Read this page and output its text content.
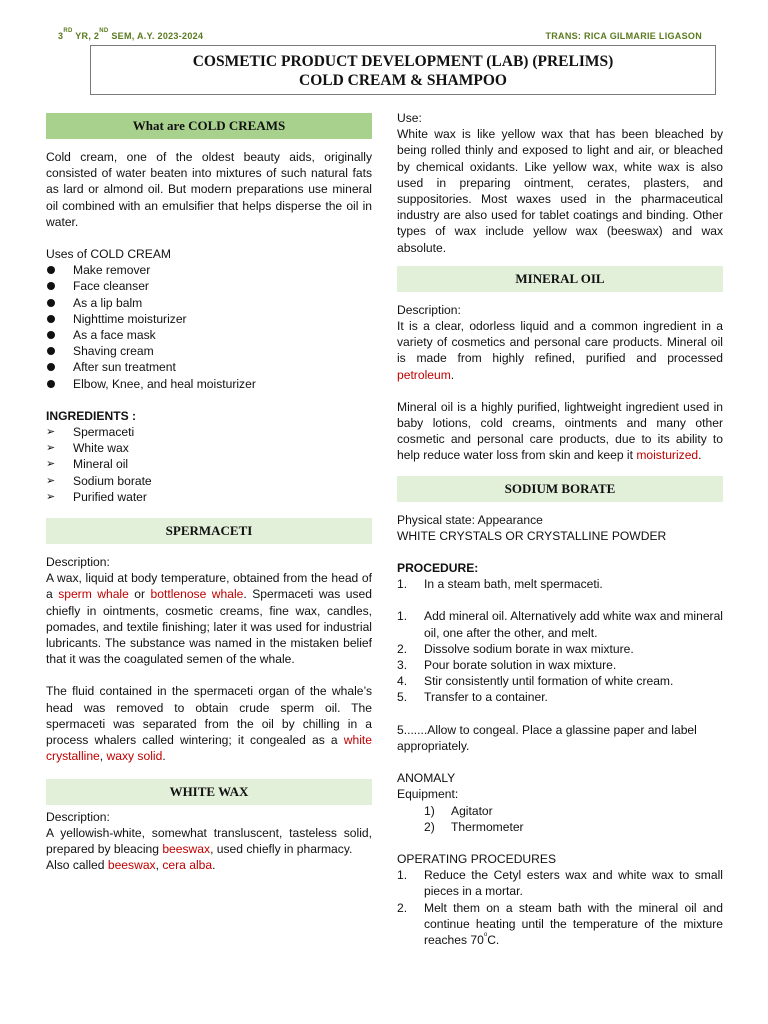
3RD YR, 2ND SEM, A.Y. 2023-2024	TRANS: RICA GILMARIE LIGASON
COSMETIC PRODUCT DEVELOPMENT (LAB) (PRELIMS)
COLD CREAM & SHAMPOO
What are COLD CREAMS

Cold cream, one of the oldest beauty aids, originally consisted of water beaten into mixtures of such natural fats as lard or almond oil. But modern preparations use mineral oil combined with an emulsifier that helps disperse the oil in water.

Uses of COLD CREAM
Make remover
Face cleanser
As a lip balm
Nighttime moisturizer
As a face mask
Shaving cream
After sun treatment
Elbow, Knee, and heal moisturizer
INGREDIENTS :
➢ Spermaceti
➢ White wax
➢ Mineral oil
➢ Sodium borate
➢ Purified water
SPERMACETI
Description:

A wax, liquid at body temperature, obtained from the head of a sperm whale or bottlenose whale. Spermaceti was used chiefly in ointments, cosmetic creams, fine wax, candles, pomades, and textile finishing; later it was used for industrial lubricants. The substance was named in the mistaken belief that it was the coagulated semen of the whale.

The fluid contained in the spermaceti organ of the whale’s head was removed to obtain crude sperm oil. The spermaceti was separated from the oil by chilling in a process whalers called wintering; it congealed as a white crystalline, waxy solid.

WHITE WAX
Description:

A yellowish-white, somewhat transluscent, tasteless solid, prepared by bleacing beeswax, used chiefly in pharmacy.

Also called beeswax, cera alba.

Use:

White wax is like yellow wax that has been bleached by being rolled thinly and exposed to light and air, or bleached by chemical oxidants. Like yellow wax, white wax is also used in preparing ointment, cerates, plasters, and suppositories. Most waxes used in the pharmaceutical industry are also used for tablet coatings and binding. Other types of wax include yellow wax (beeswax) and wax absolute.

MINERAL OIL
Description:

It is a clear, odorless liquid and a common ingredient in a variety of cosmetics and personal care products. Mineral oil is made from highly refined, purified and processed petroleum.

Mineral oil is a highly purified, lightweight ingredient used in baby lotions, cold creams, ointments and many other cosmetic and personal care products, due to its ability to help reduce water loss from skin and keep it moisturized.

SODIUM BORATE
Physical state: Appearance
WHITE CRYSTALS OR CRYSTALLINE POWDER
PROCEDURE:
1. In a steam bath, melt spermaceti.
1. Add mineral oil. Alternatively add white wax and mineral oil, one after the other, and melt.
2. Dissolve sodium borate in wax mixture.
3. Pour borate solution in wax mixture.
4. Stir consistently until formation of white cream.
5. Transfer to a container.

5.......Allow to congeal. Place a glassine paper and label appropriately.

ANOMALY
Equipment:
1) Agitator
2) Thermometer
OPERATING PROCEDURES
1. Reduce the Cetyl esters wax and white wax to small pieces in a mortar.
2. Melt them on a steam bath with the mineral oil and continue heating until the temperature of the mixture reaches 70$^o$C.
